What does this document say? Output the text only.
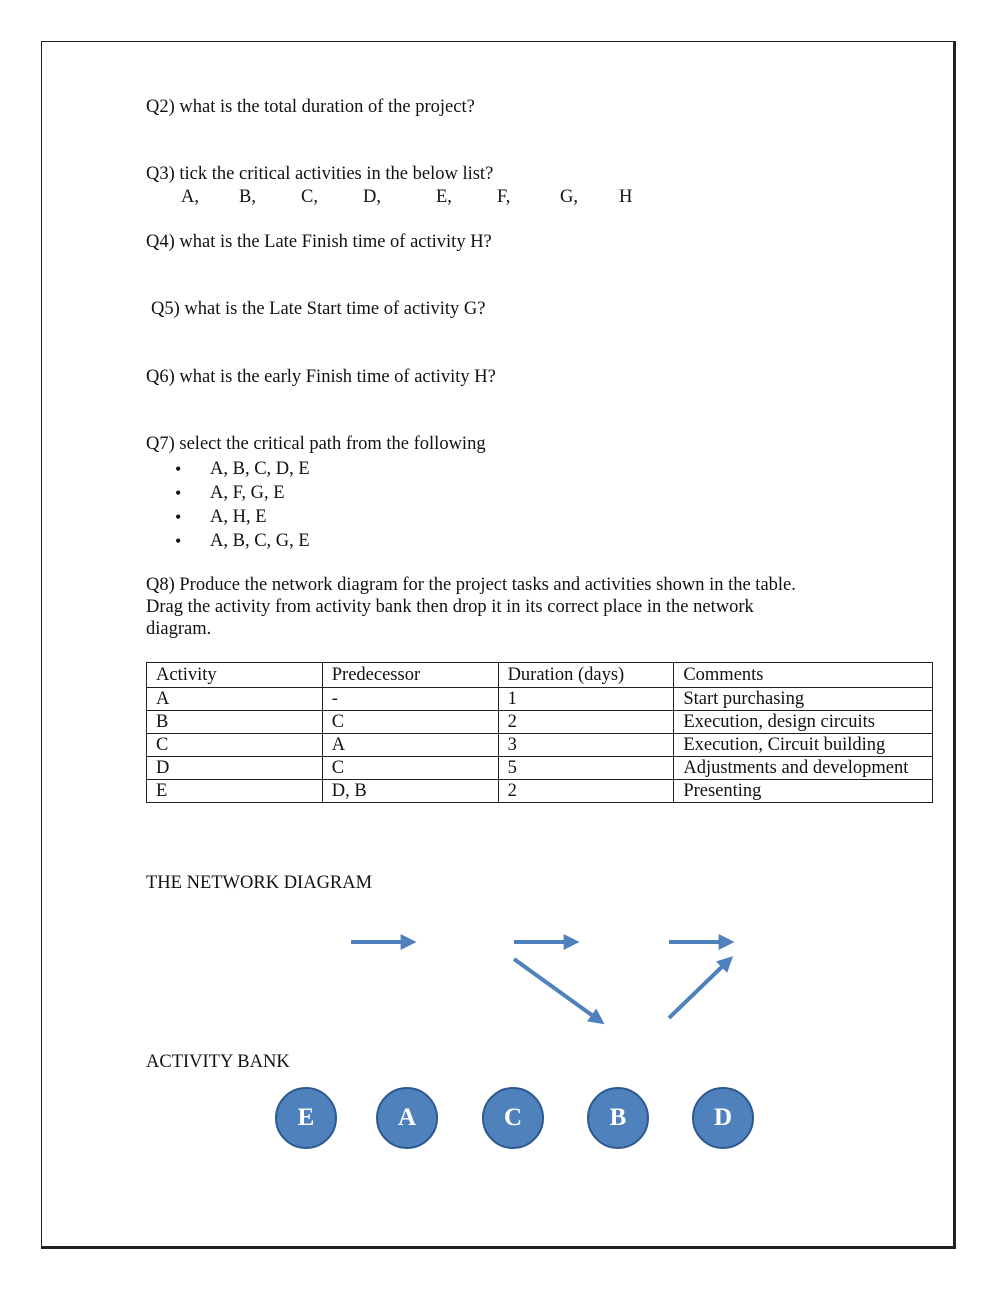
Q2) what is the total duration of the project?
Q3) tick the critical activities in the below list?
A, B, C, D,	E, F,	G, H
Q4) what is the Late Finish time of activity H?
Q5) what is the Late Start time of activity G?
Q6) what is the early Finish time of activity H?
Q7) select the critical path from the following
• A, B, C, D, E
• A, F, G, E
• A, H, E
• A, B, C, G, E
Q8) Produce the network diagram for the project tasks and activities shown in the table.
Drag the activity from activity bank then drop it in its correct place in the network
diagram.
Activity	Predecessor	Duration (days)	Comments
A	-	1	Start purchasing
B	C	2	Execution, design circuits
C	A	3	Execution, Circuit building
D	C	5	Adjustments and development
E	D, B	2	Presenting
THE NETWORK DIAGRAM
ACTIVITY BANK
E	A	C	B	D
